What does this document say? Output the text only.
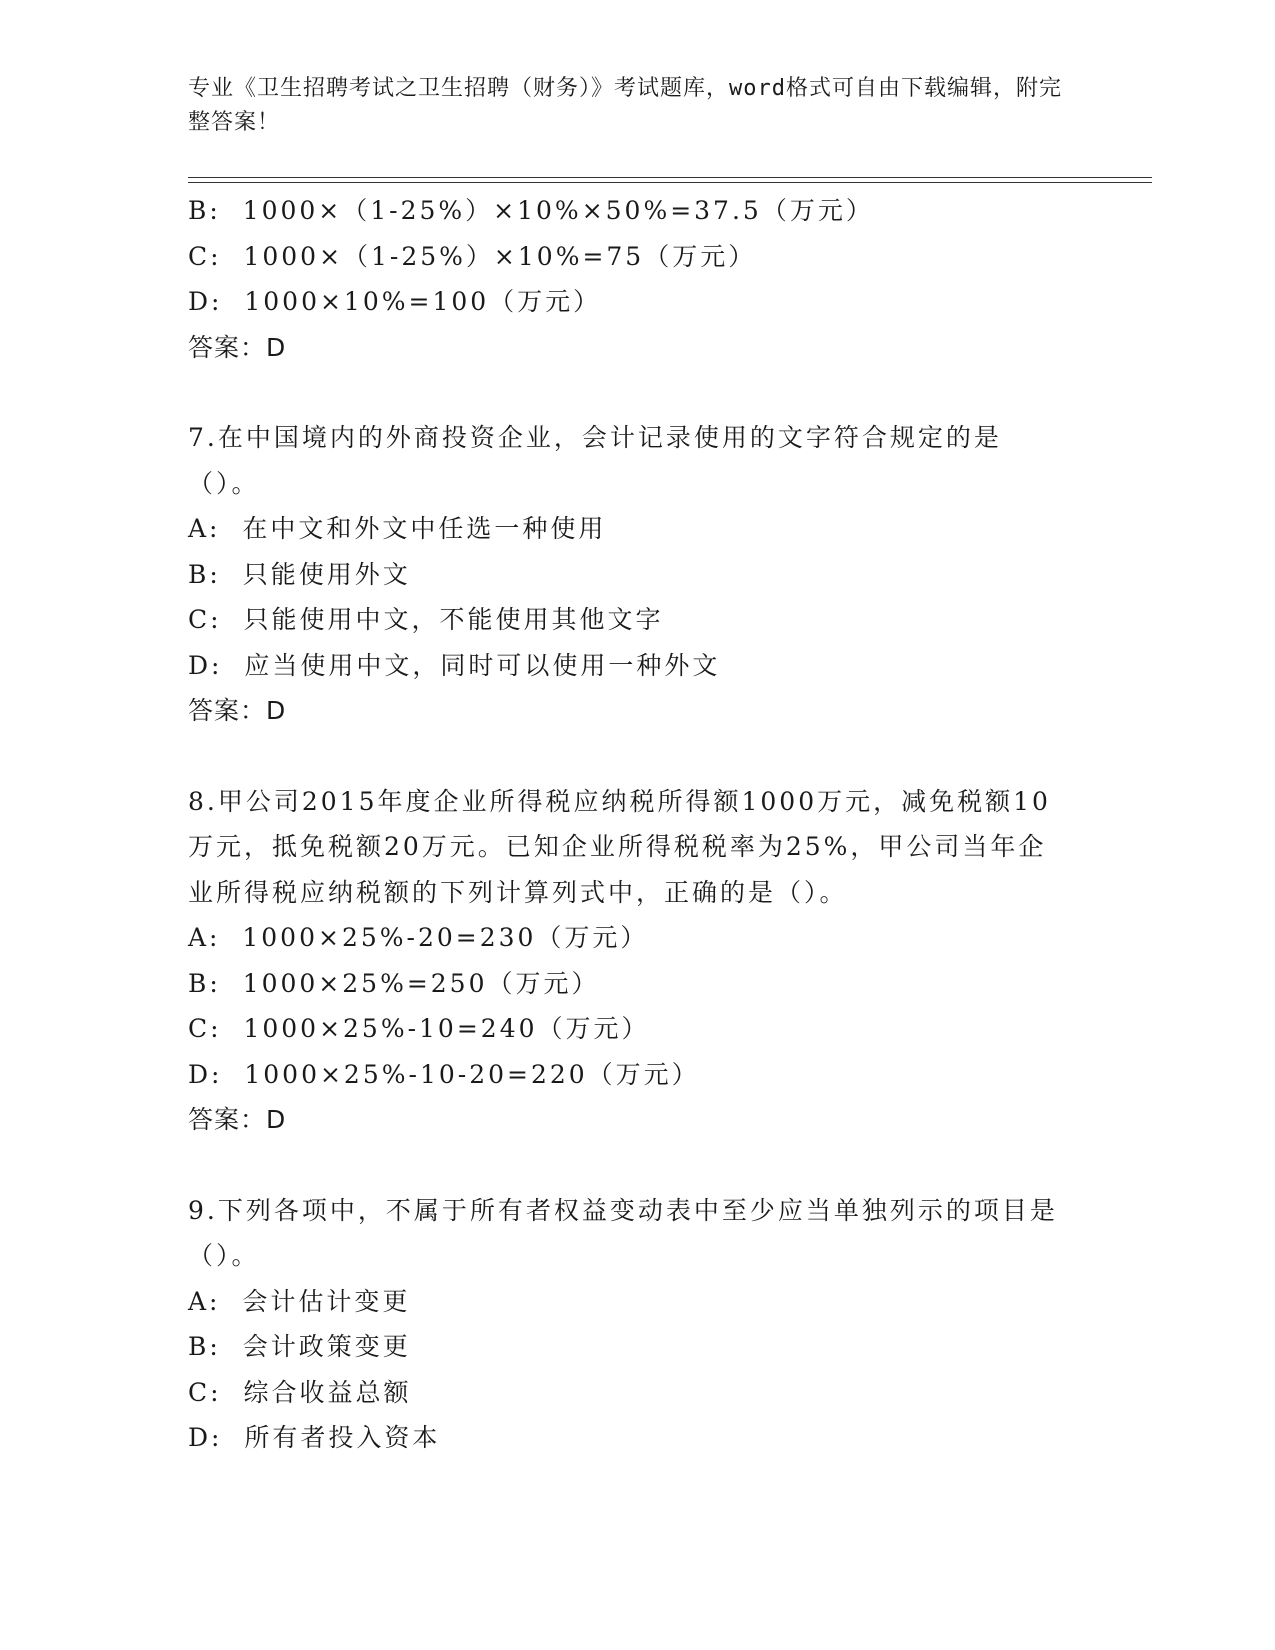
专业《卫生招聘考试之卫生招聘（财务）》考试题库，word格式可自由下载编辑，附完整答案！
B:  1000×（1-25%）×10%×50%=37.5（万元）
C:  1000×（1-25%）×10%=75（万元）
D:  1000×10%=100（万元）
答案：D
7.在中国境内的外商投资企业，会计记录使用的文字符合规定的是（）。
A:  在中文和外文中任选一种使用
B:  只能使用外文
C:  只能使用中文，不能使用其他文字
D:  应当使用中文，同时可以使用一种外文
答案：D
8.甲公司2015年度企业所得税应纳税所得额1000万元，减免税额10万元，抵免税额20万元。已知企业所得税税率为25%，甲公司当年企业所得税应纳税额的下列计算列式中，正确的是（）。
A:  1000×25%-20=230（万元）
B:  1000×25%=250（万元）
C:  1000×25%-10=240（万元）
D:  1000×25%-10-20=220（万元）
答案：D
9.下列各项中，不属于所有者权益变动表中至少应当单独列示的项目是（）。
A:  会计估计变更
B:  会计政策变更
C:  综合收益总额
D:  所有者投入资本
